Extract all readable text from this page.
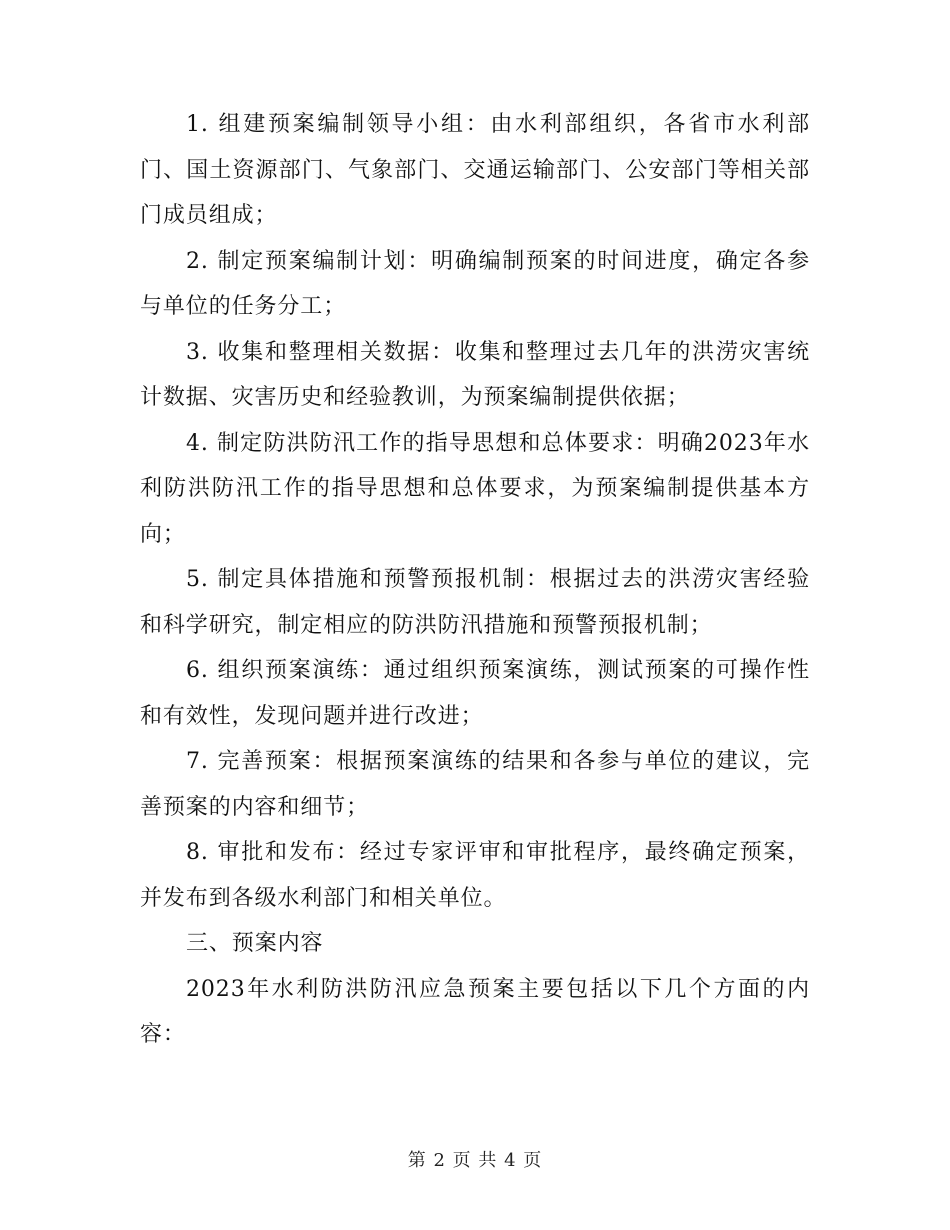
1. 组建预案编制领导小组：由水利部组织，各省市水利部门、国土资源部门、气象部门、交通运输部门、公安部门等相关部门成员组成；

2. 制定预案编制计划：明确编制预案的时间进度，确定各参与单位的任务分工；

3. 收集和整理相关数据：收集和整理过去几年的洪涝灾害统计数据、灾害历史和经验教训，为预案编制提供依据；

4. 制定防洪防汛工作的指导思想和总体要求：明确2023年水利防洪防汛工作的指导思想和总体要求，为预案编制提供基本方向；

5. 制定具体措施和预警预报机制：根据过去的洪涝灾害经验和科学研究，制定相应的防洪防汛措施和预警预报机制；

6. 组织预案演练：通过组织预案演练，测试预案的可操作性和有效性，发现问题并进行改进；

7. 完善预案：根据预案演练的结果和各参与单位的建议，完善预案的内容和细节；

8. 审批和发布：经过专家评审和审批程序，最终确定预案，并发布到各级水利部门和相关单位。

三、预案内容

2023年水利防洪防汛应急预案主要包括以下几个方面的内容：

第 2 页 共 4 页
